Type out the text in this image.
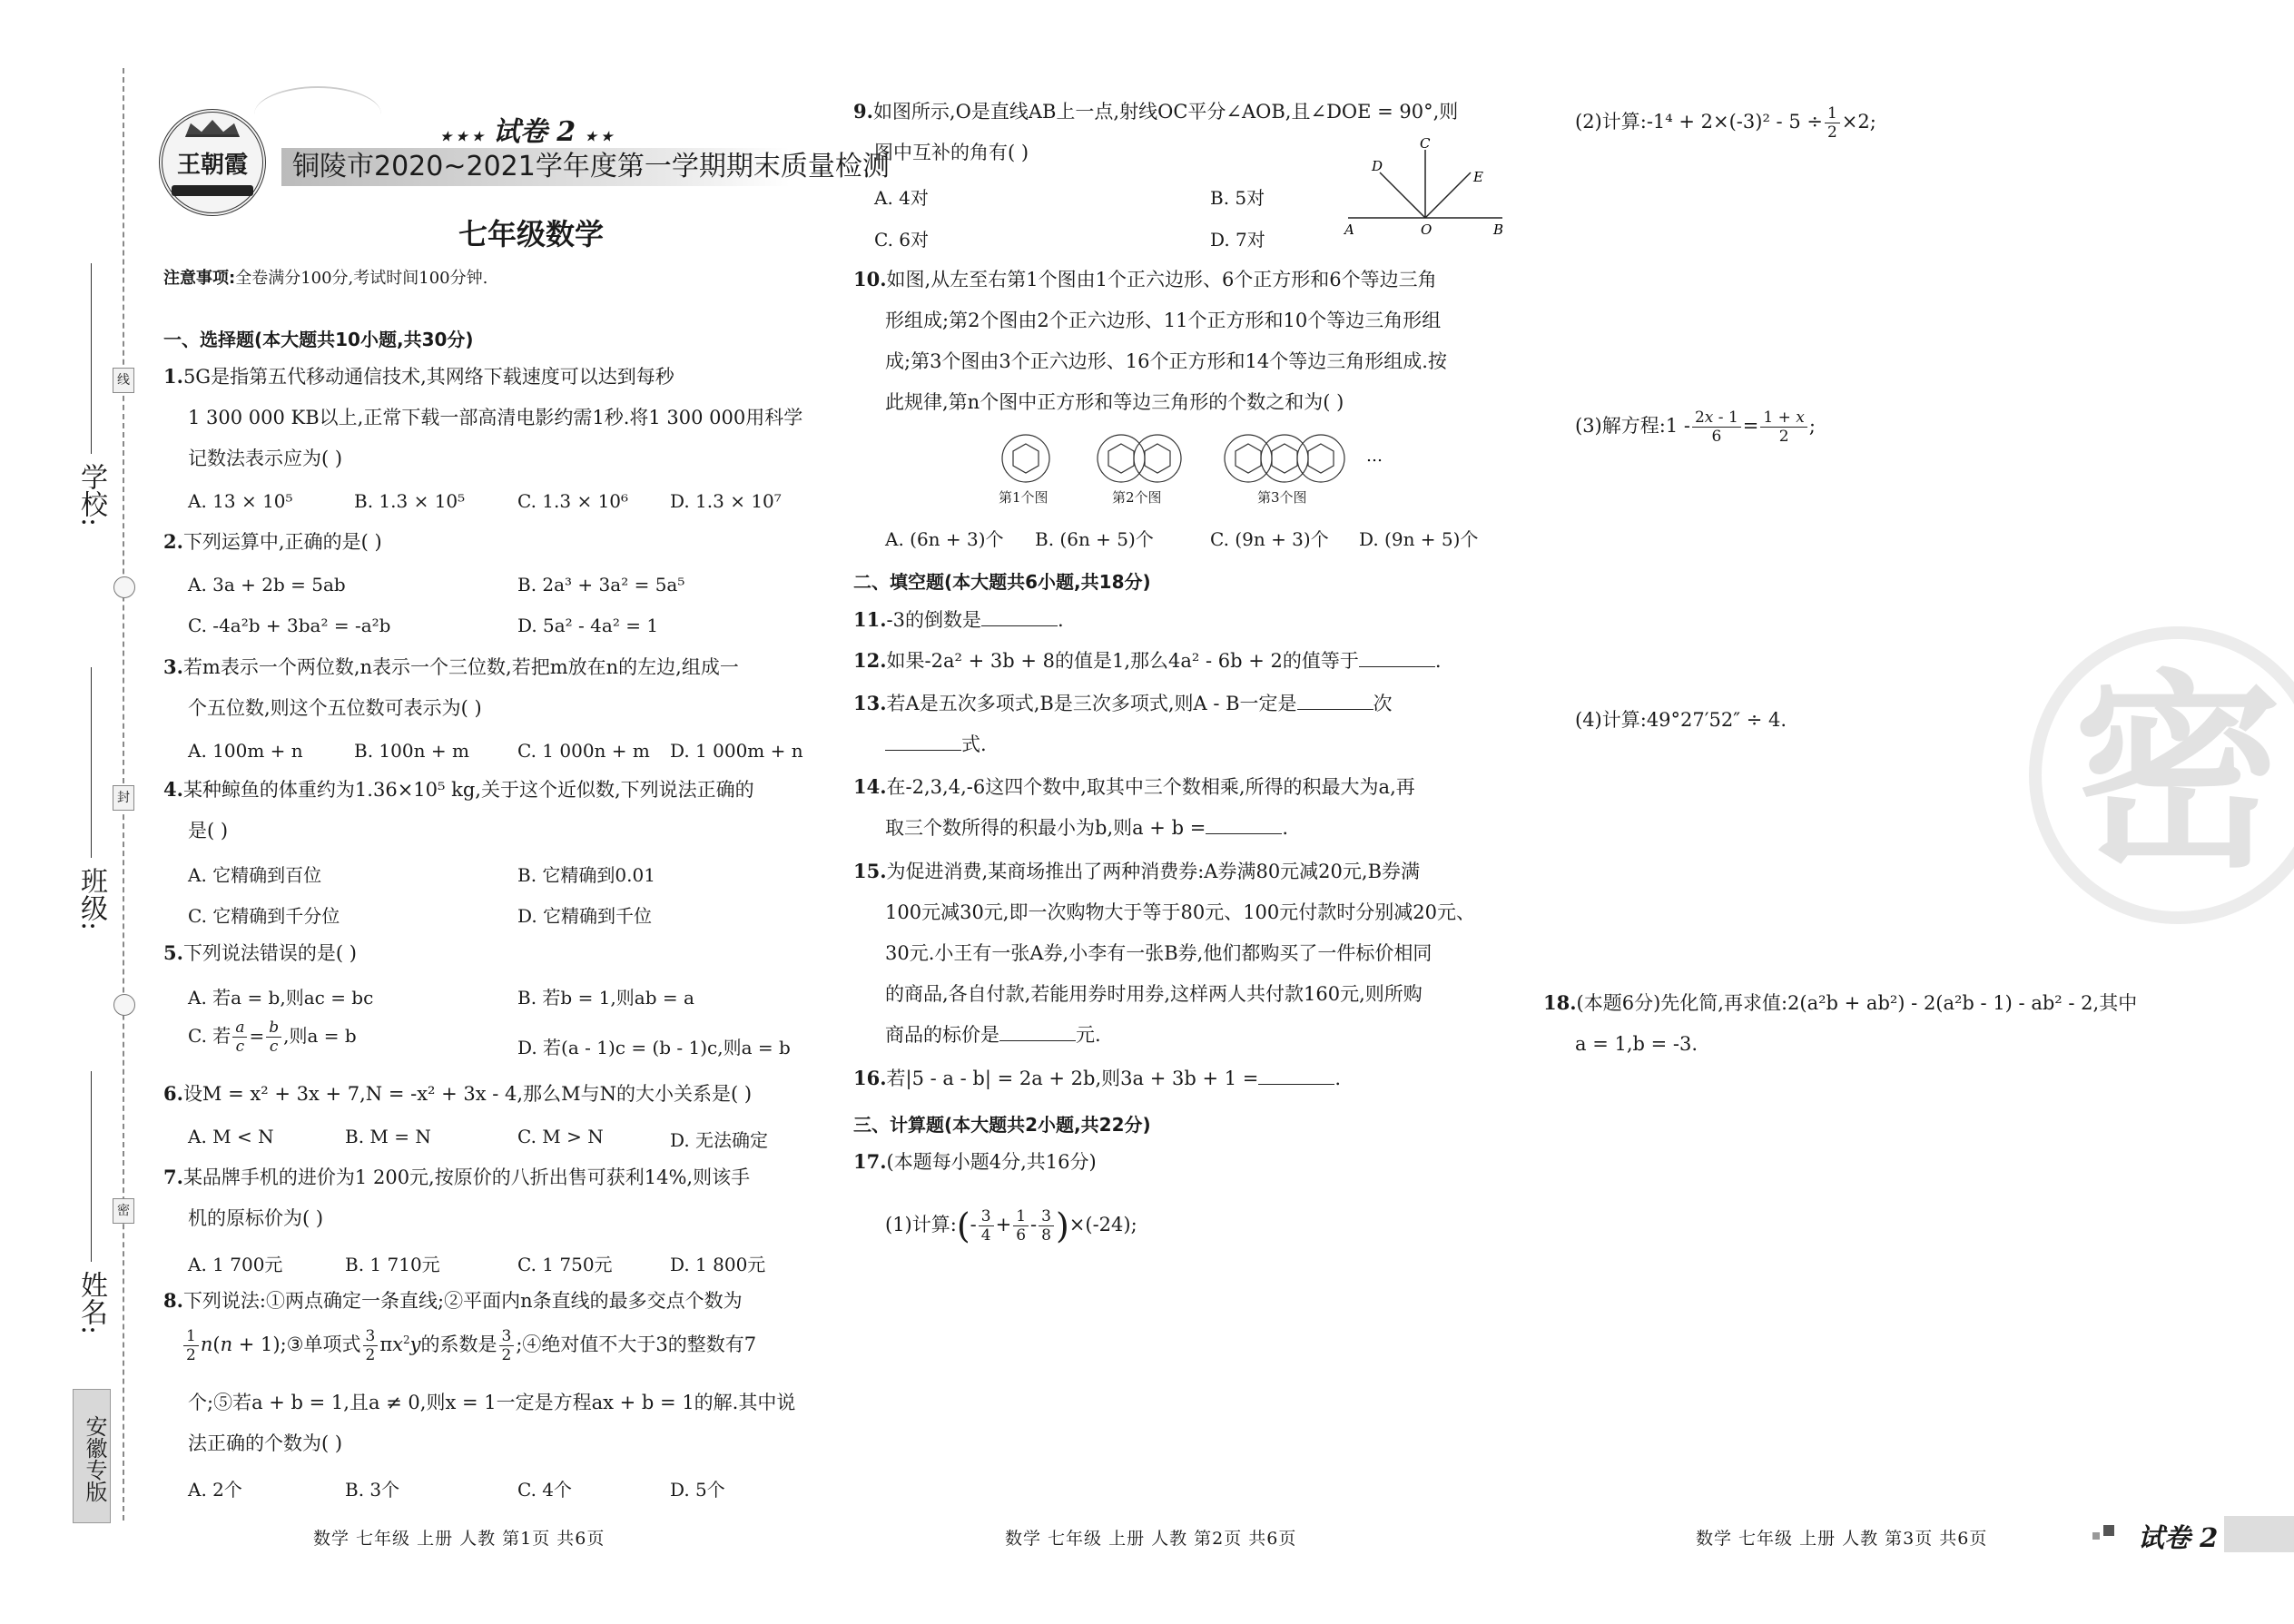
学校:
班级:
姓名:
线
封
密
安徽专版
王朝霞
★ ★ ★ 试卷 2 ★ ★
铜陵市2020~2021学年度第一学期期末质量检测
七年级数学
注意事项:全卷满分100分,考试时间100分钟.
一、选择题(本大题共10小题,共30分)
1.5G是指第五代移动通信技术,其网络下载速度可以达到每秒
1 300 000 KB以上,正常下载一部高清电影约需1秒.将1 300 000用科学
记数法表示应为( )
A. 13 × 10⁵	B. 1.3 × 10⁵	C. 1.3 × 10⁶ D. 1.3 × 10⁷
2.下列运算中,正确的是( )
A. 3a + 2b = 5ab	B. 2a³ + 3a² = 5a⁵
C. -4a²b + 3ba² = -a²b	D. 5a² - 4a² = 1
3.若m表示一个两位数,n表示一个三位数,若把m放在n的左边,组成一
个五位数,则这个五位数可表示为( )
A. 100m + n	B. 100n + m	C. 1 000n + m D. 1 000m + n
4.某种鲸鱼的体重约为1.36×10⁵ kg,关于这个近似数,下列说法正确的
是( )
A. 它精确到百位	B. 它精确到0.01
C. 它精确到千分位	D. 它精确到千位
5.下列说法错误的是( )
A. 若a = b,则ac = bc	B. 若b = 1,则ab = a
C. 若 $\frac{a}{c} = \frac{b}{c}$ ,则a = b
D. 若(a - 1)c = (b - 1)c,则a = b
6.设M = x² + 3x + 7,N = -x² + 3x - 4,那么M与N的大小关系是( )
A. M < N	B. M = N	C. M > N	D. 无法确定
7.某品牌手机的进价为1 200元,按原价的八折出售可获利14%,则该手
机的原标价为( )
A. 1 700元	B. 1 710元	C. 1 750元	D. 1 800元
8.下列说法:①两点确定一条直线;②平面内n条直线的最多交点个数为
$\frac{1}{2} n(n$ + 1);③单项式 $\frac{3}{2} \pi x^2y$的系数是 $\frac{3}{2}$ ;④绝对值不大于3的整数有7
个;⑤若a + b = 1,且a ≠ 0,则x = 1一定是方程ax + b = 1的解.其中说
法正确的个数为( )
A. 2个	B. 3个	C. 4个	D. 5个
数学 七年级 上册 人教 第1页 共6页
9.如图所示,O是直线AB上一点,射线OC平分∠AOB,且∠DOE = 90°,则
图中互补的角有( )
A. 4对	B. 5对
C. 6对	D. 7对
C
D
E
A	O	B
10.如图,从左至右第1个图由1个正六边形、6个正方形和6个等边三角
形组成;第2个图由2个正六边形、11个正方形和10个等边三角形组
成;第3个图由3个正六边形、16个正方形和14个等边三角形组成.按
此规律,第n个图中正方形和等边三角形的个数之和为( )
…
第1个图	第2个图	第3个图
A. (6n + 3)个 B. (6n + 5)个	C. (9n + 3)个 D. (9n + 5)个
二、填空题(本大题共6小题,共18分)
11.-3的倒数是	.
12.如果-2a² + 3b + 8的值是1,那么4a² - 6b + 2的值等于	.
13.若A是五次多项式,B是三次多项式,则A - B一定是	次
式.
14.在-2,3,4,-6这四个数中,取其中三个数相乘,所得的积最大为a,再
取三个数所得的积最小为b,则a + b =	.
15.为促进消费,某商场推出了两种消费券:A券满80元减20元,B券满
100元减30元,即一次购物大于等于80元、100元付款时分别减20元、
30元.小王有一张A券,小李有一张B券,他们都购买了一件标价相同
的商品,各自付款,若能用券时用券,这样两人共付款160元,则所购
商品的标价是	元.
16.若|5 - a - b| = 2a + 2b,则3a + 3b + 1 =	.
三、计算题(本大题共2小题,共22分)
17.(本题每小题4分,共16分)
(1)计算:(- $\frac{3}{4} + \frac{1}{6} - \frac{3}{8} )\times(-24)$;
数学 七年级 上册 人教 第2页 共6页
(2)计算:-1⁴ + $2\times(-3)^2 - 5 \div \frac{1}{2} \times 2$;
(3)解方程:1 - $\frac{2x - 1}{6} = \frac{1 + x}{2}$ ;
(4)计算:49°27′52″ ÷ 4.
18.(本题6分)先化简,再求值:2(a²b + ab²) - 2(a²b - 1) - ab² - 2,其中
a = 1,b = -3.
密
数学 七年级 上册 人教 第3页 共6页	试卷 2
